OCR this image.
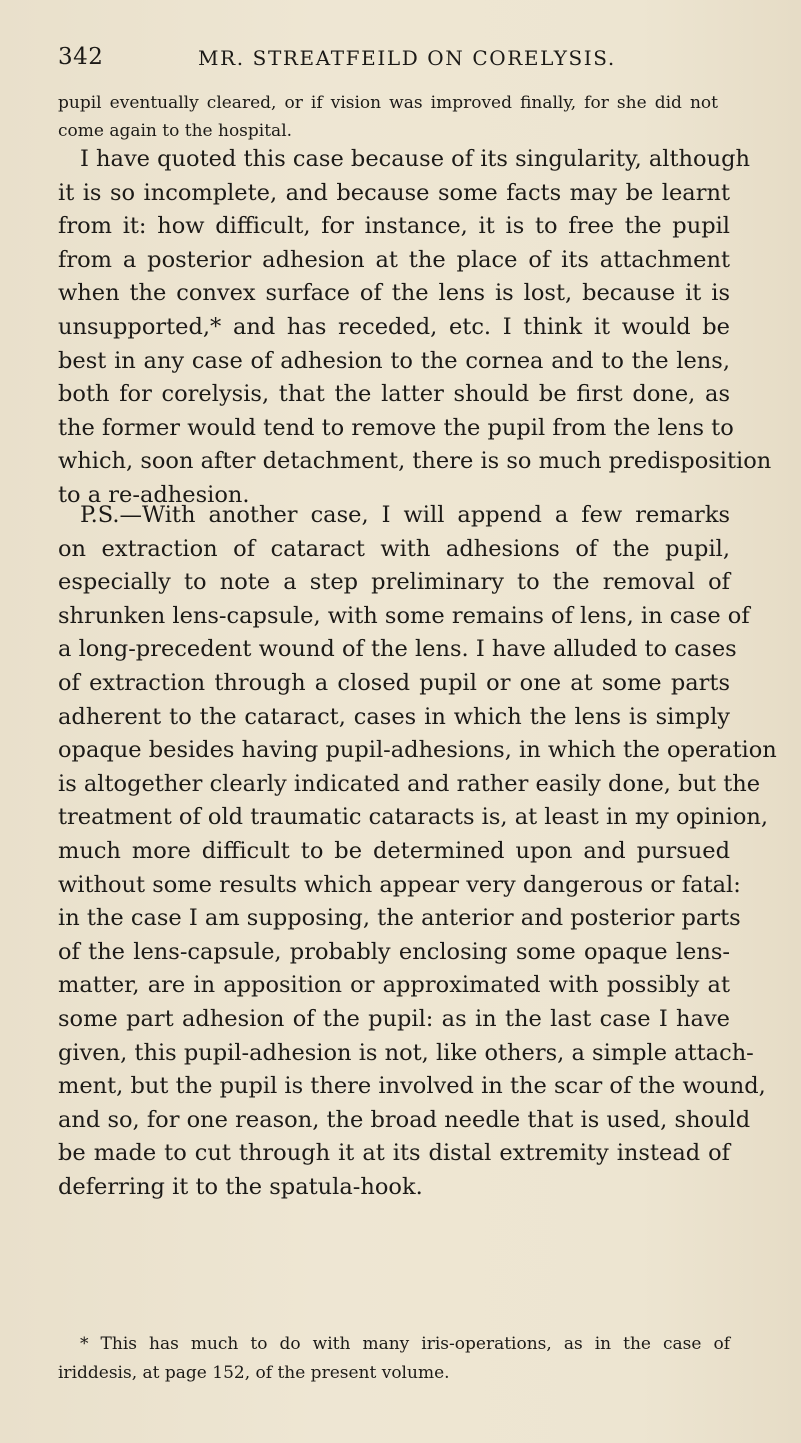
342	MR. STREATFEILD ON CORELYSIS.
pupil eventually cleared, or if vision was improved finally, for she did not
come again to the hospital.
I have quoted this case because of its singularity, although
it is so incomplete, and because some facts may be learnt
from it: how difficult, for instance, it is to free the pupil
from a posterior adhesion at the place of its attachment
when the convex surface of the lens is lost, because it is
unsupported,* and has receded, etc. I think it would be
best in any case of adhesion to the cornea and to the lens,
both for corelysis, that the latter should be first done, as
the former would tend to remove the pupil from the lens to
which, soon after detachment, there is so much predisposition
to a re-adhesion.
P.S.—With another case, I will append a few remarks
on extraction of cataract with adhesions of the pupil,
especially to note a step preliminary to the removal of
shrunken lens-capsule, with some remains of lens, in case of
a long-precedent wound of the lens. I have alluded to cases
of extraction through a closed pupil or one at some parts
adherent to the cataract, cases in which the lens is simply
opaque besides having pupil-adhesions, in which the operation
is altogether clearly indicated and rather easily done, but the
treatment of old traumatic cataracts is, at least in my opinion,
much more difficult to be determined upon and pursued
without some results which appear very dangerous or fatal:
in the case I am supposing, the anterior and posterior parts
of the lens-capsule, probably enclosing some opaque lens-
matter, are in apposition or approximated with possibly at
some part adhesion of the pupil: as in the last case I have
given, this pupil-adhesion is not, like others, a simple attach-
ment, but the pupil is there involved in the scar of the wound,
and so, for one reason, the broad needle that is used, should
be made to cut through it at its distal extremity instead of
deferring it to the spatula-hook.
* This has much to do with many iris-operations, as in the case of
iriddesis, at page 152, of the present volume.
